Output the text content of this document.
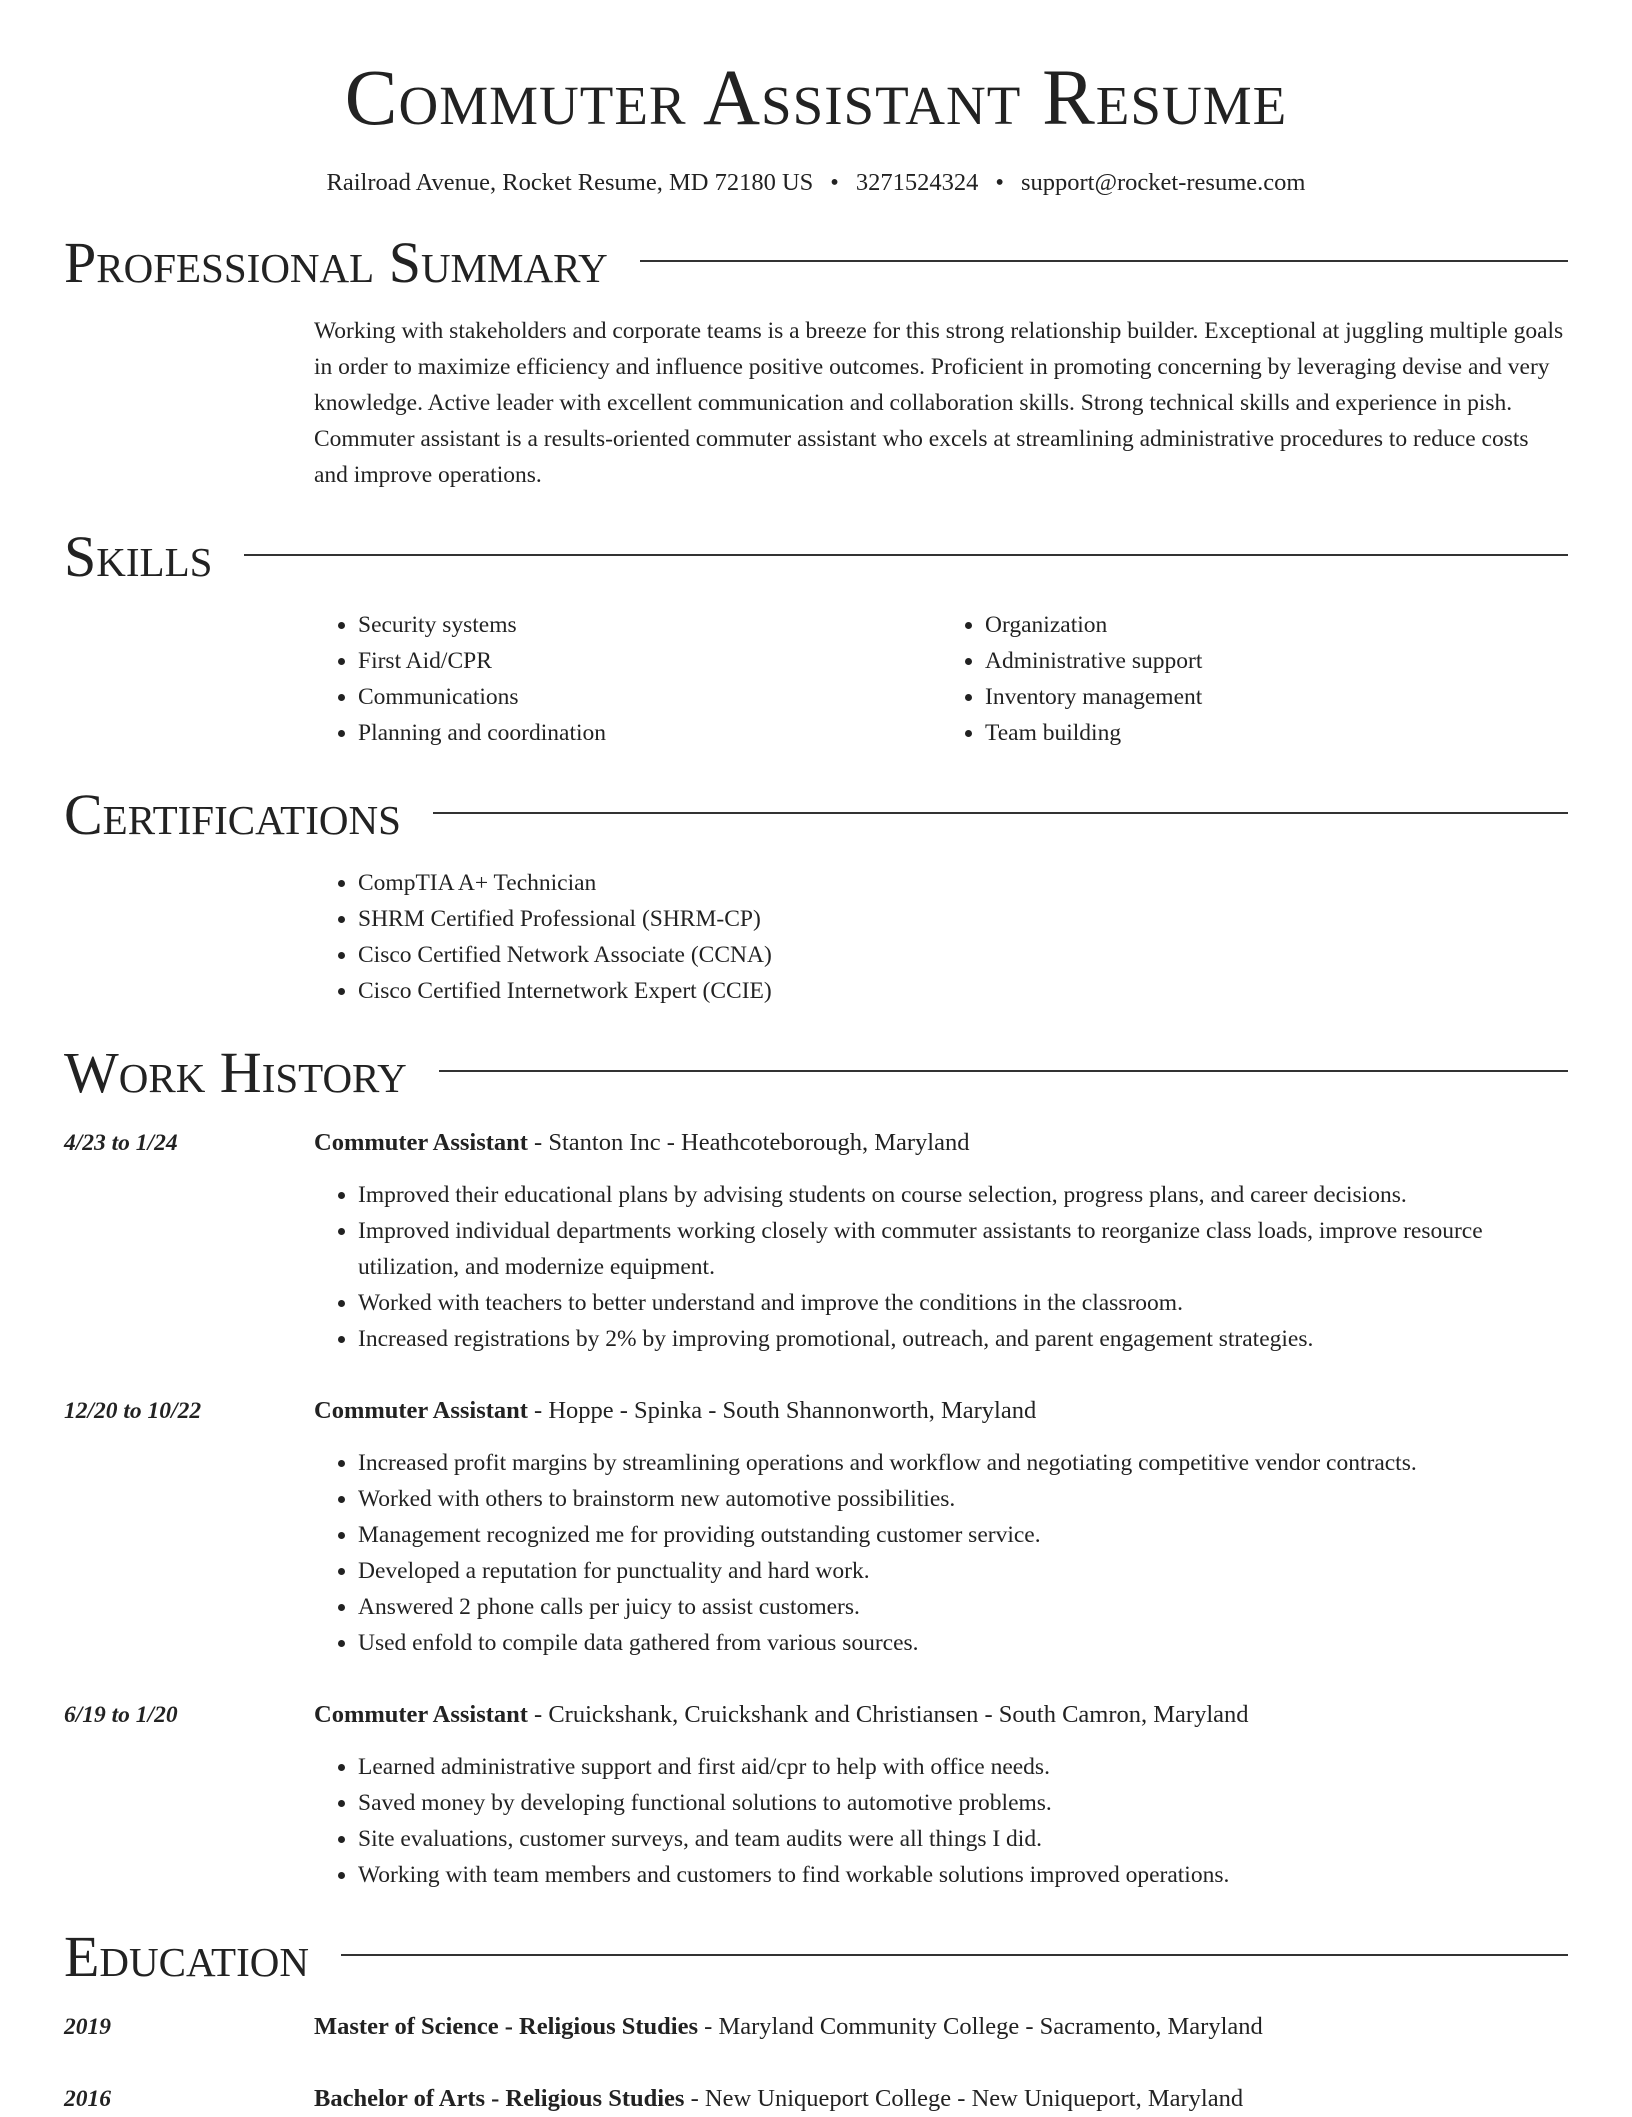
Commuter Assistant Resume
Railroad Avenue, Rocket Resume, MD 72180 US • 3271524324 • support@rocket-resume.com
Professional Summary
Working with stakeholders and corporate teams is a breeze for this strong relationship builder. Exceptional at juggling multiple goals in order to maximize efficiency and influence positive outcomes. Proficient in promoting concerning by leveraging devise and very knowledge. Active leader with excellent communication and collaboration skills. Strong technical skills and experience in pish. Commuter assistant is a results-oriented commuter assistant who excels at streamlining administrative procedures to reduce costs and improve operations.
Skills
• Security systems
• First Aid/CPR
• Communications
• Planning and coordination
• Organization
• Administrative support
• Inventory management
• Team building
Certifications
• CompTIA A+ Technician
• SHRM Certified Professional (SHRM-CP)
• Cisco Certified Network Associate (CCNA)
• Cisco Certified Internetwork Expert (CCIE)
Work History
4/23 to 1/24	Commuter Assistant - Stanton Inc - Heathcoteborough, Maryland
• Improved their educational plans by advising students on course selection, progress plans, and career decisions.
• Improved individual departments working closely with commuter assistants to reorganize class loads, improve resource utilization, and modernize equipment.
• Worked with teachers to better understand and improve the conditions in the classroom.
• Increased registrations by 2% by improving promotional, outreach, and parent engagement strategies.
12/20 to 10/22	Commuter Assistant - Hoppe - Spinka - South Shannonworth, Maryland
• Increased profit margins by streamlining operations and workflow and negotiating competitive vendor contracts.
• Worked with others to brainstorm new automotive possibilities.
• Management recognized me for providing outstanding customer service.
• Developed a reputation for punctuality and hard work.
• Answered 2 phone calls per juicy to assist customers.
• Used enfold to compile data gathered from various sources.
6/19 to 1/20	Commuter Assistant - Cruickshank, Cruickshank and Christiansen - South Camron, Maryland
• Learned administrative support and first aid/cpr to help with office needs.
• Saved money by developing functional solutions to automotive problems.
• Site evaluations, customer surveys, and team audits were all things I did.
• Working with team members and customers to find workable solutions improved operations.
Education
2019	Master of Science - Religious Studies - Maryland Community College - Sacramento, Maryland
2016	Bachelor of Arts - Religious Studies - New Uniqueport College - New Uniqueport, Maryland
